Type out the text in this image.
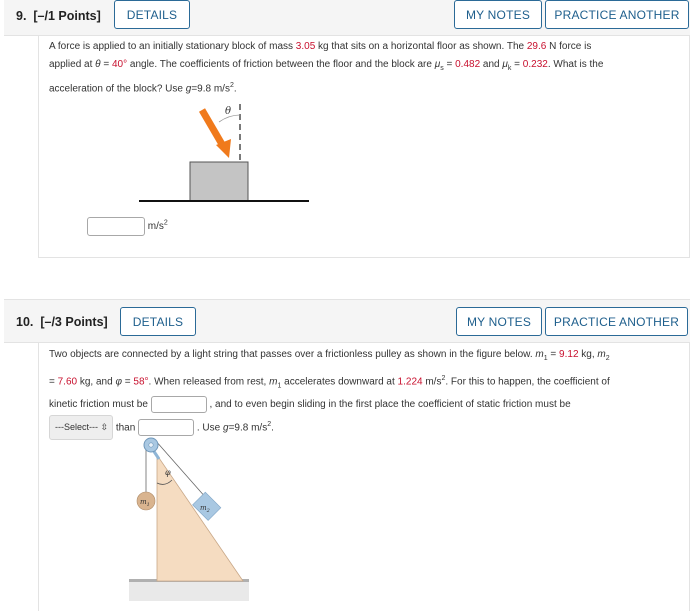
9. [–/1 Points]	DETAILS	MY NOTES	PRACTICE ANOTHER
A force is applied to an initially stationary block of mass 3.05 kg that sits on a horizontal floor as shown. The 29.6 N force is
applied at θ = 40° angle. The coefficients of friction between the floor and the block are $\mu_s = 0.482$ and $\mu_k = 0.232$. What is the
acceleration of the block? Use g=9.8 $m/s^2$.
θ
$m/s^2$
10. [–/3 Points]	DETAILS	MY NOTES	PRACTICE ANOTHER
Two objects are connected by a light string that passes over a frictionless pulley as shown in the figure below. $m_1 = 9.12$ kg, $m_2$
= 7.60 kg, and φ = 58°. When released from rest, $m_1$ accelerates downward at 1.224 $m/s^2$. For this to happen, the coefficient of
kinetic friction must be	, and to even begin sliding in the first place the coefficient of static friction must be
---Select--- ⇳ than	. Use g=9.8 $m/s^2$.
φ
$m_1$	$m_2$
